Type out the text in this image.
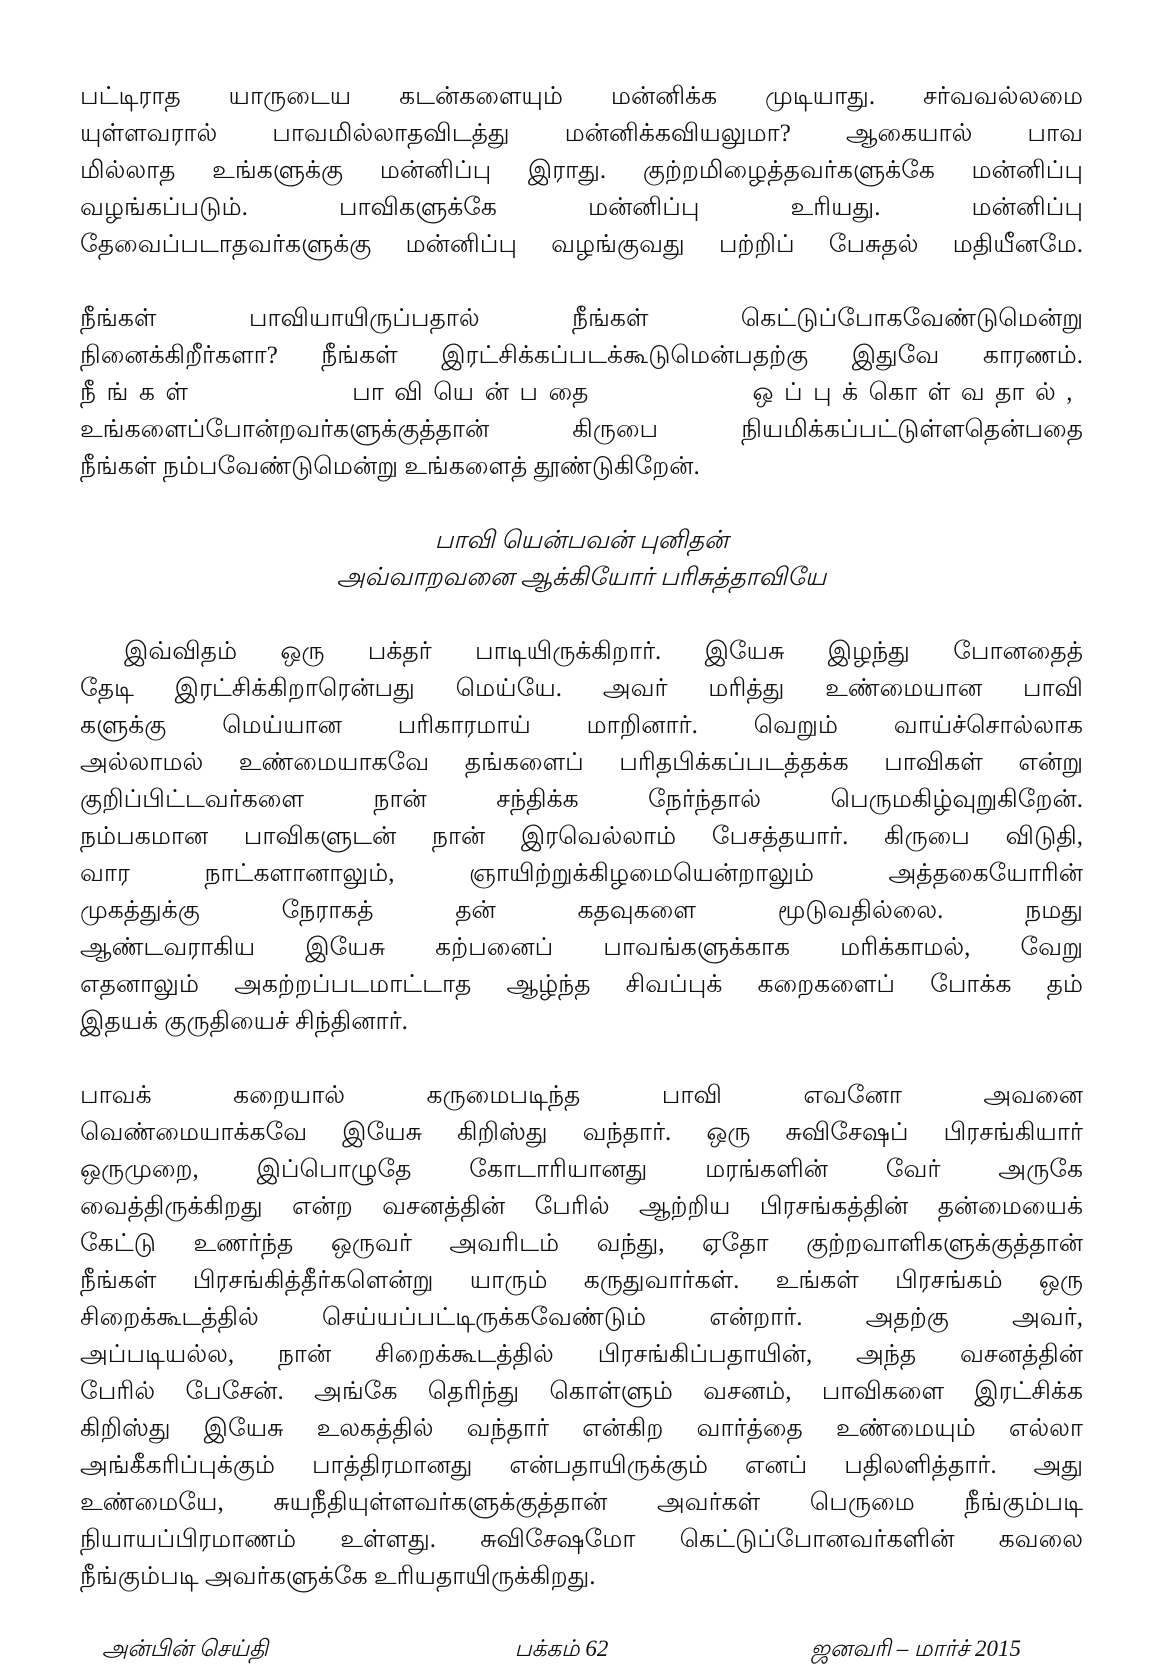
பட்டிராத யாருடைய கடன்களையும் மன்னிக்க முடியாது. சர்வவல்லமை
யுள்ளவரால் பாவமில்லாதவிடத்து மன்னிக்கவியலுமா? ஆகையால் பாவ
மில்லாத உங்களுக்கு மன்னிப்பு இராது. குற்றமிழைத்தவர்களுக்கே மன்னிப்பு
வழங்கப்படும். பாவிகளுக்கே மன்னிப்பு உரியது. மன்னிப்பு
தேவைப்படாதவர்களுக்கு மன்னிப்பு வழங்குவது பற்றிப் பேசுதல் மதியீனமே.
நீங்கள் பாவியாயிருப்பதால் நீங்கள் கெட்டுப்போகவேண்டுமென்று
நினைக்கிறீர்களா? நீங்கள் இரட்சிக்கப்படக்கூடுமென்பதற்கு இதுவே காரணம்.
நீங்கள் பாவியென்பதை ஒப்புக்கொள்வதால்,
உங்களைப்போன்றவர்களுக்குத்தான் கிருபை நியமிக்கப்பட்டுள்ளதென்பதை
நீங்கள் நம்பவேண்டுமென்று உங்களைத் தூண்டுகிறேன்.
பாவி யென்பவன் புனிதன்
அவ்வாறவனை ஆக்கியோர் பரிசுத்தாவியே
இவ்விதம் ஒரு பக்தர் பாடியிருக்கிறார். இயேசு இழந்து போனதைத்
தேடி இரட்சிக்கிறாரென்பது மெய்யே. அவர் மரித்து உண்மையான பாவி
களுக்கு மெய்யான பரிகாரமாய் மாறினார். வெறும் வாய்ச்சொல்லாக
அல்லாமல் உண்மையாகவே தங்களைப் பரிதபிக்கப்படத்தக்க பாவிகள் என்று
குறிப்பிட்டவர்களை நான் சந்திக்க நேர்ந்தால் பெருமகிழ்வுறுகிறேன்.
நம்பகமான பாவிகளுடன் நான் இரவெல்லாம் பேசத்தயார். கிருபை விடுதி,
வார நாட்களானாலும், ஞாயிற்றுக்கிழமையென்றாலும் அத்தகையோரின்
முகத்துக்கு நேராகத் தன் கதவுகளை மூடுவதில்லை. நமது
ஆண்டவராகிய இயேசு கற்பனைப் பாவங்களுக்காக மரிக்காமல், வேறு
எதனாலும் அகற்றப்படமாட்டாத ஆழ்ந்த சிவப்புக் கறைகளைப் போக்க தம்
இதயக் குருதியைச் சிந்தினார்.
பாவக் கறையால் கருமைபடிந்த பாவி எவனோ அவனை
வெண்மையாக்கவே இயேசு கிறிஸ்து வந்தார். ஒரு சுவிசேஷப் பிரசங்கியார்
ஒருமுறை, இப்பொழுதே கோடாரியானது மரங்களின் வேர் அருகே
வைத்திருக்கிறது என்ற வசனத்தின் பேரில் ஆற்றிய பிரசங்கத்தின் தன்மையைக்
கேட்டு உணர்ந்த ஒருவர் அவரிடம் வந்து, ஏதோ குற்றவாளிகளுக்குத்தான்
நீங்கள் பிரசங்கித்தீர்களென்று யாரும் கருதுவார்கள். உங்கள் பிரசங்கம் ஒரு
சிறைக்கூடத்தில் செய்யப்பட்டிருக்கவேண்டும் என்றார். அதற்கு அவர்,
அப்படியல்ல, நான் சிறைக்கூடத்தில் பிரசங்கிப்பதாயின், அந்த வசனத்தின்
பேரில் பேசேன். அங்கே தெரிந்து கொள்ளும் வசனம், பாவிகளை இரட்சிக்க
கிறிஸ்து இயேசு உலகத்தில் வந்தார் என்கிற வார்த்தை உண்மையும் எல்லா
அங்கீகரிப்புக்கும் பாத்திரமானது என்பதாயிருக்கும் எனப் பதிலளித்தார். அது
உண்மையே, சுயநீதியுள்ளவர்களுக்குத்தான் அவர்கள் பெருமை நீங்கும்படி
நியாயப்பிரமாணம் உள்ளது. சுவிசேஷமோ கெட்டுப்போனவர்களின் கவலை
நீங்கும்படி அவர்களுக்கே உரியதாயிருக்கிறது.
அன்பின் செய்தி	பக்கம் 62	ஜனவரி – மார்ச் 2015
